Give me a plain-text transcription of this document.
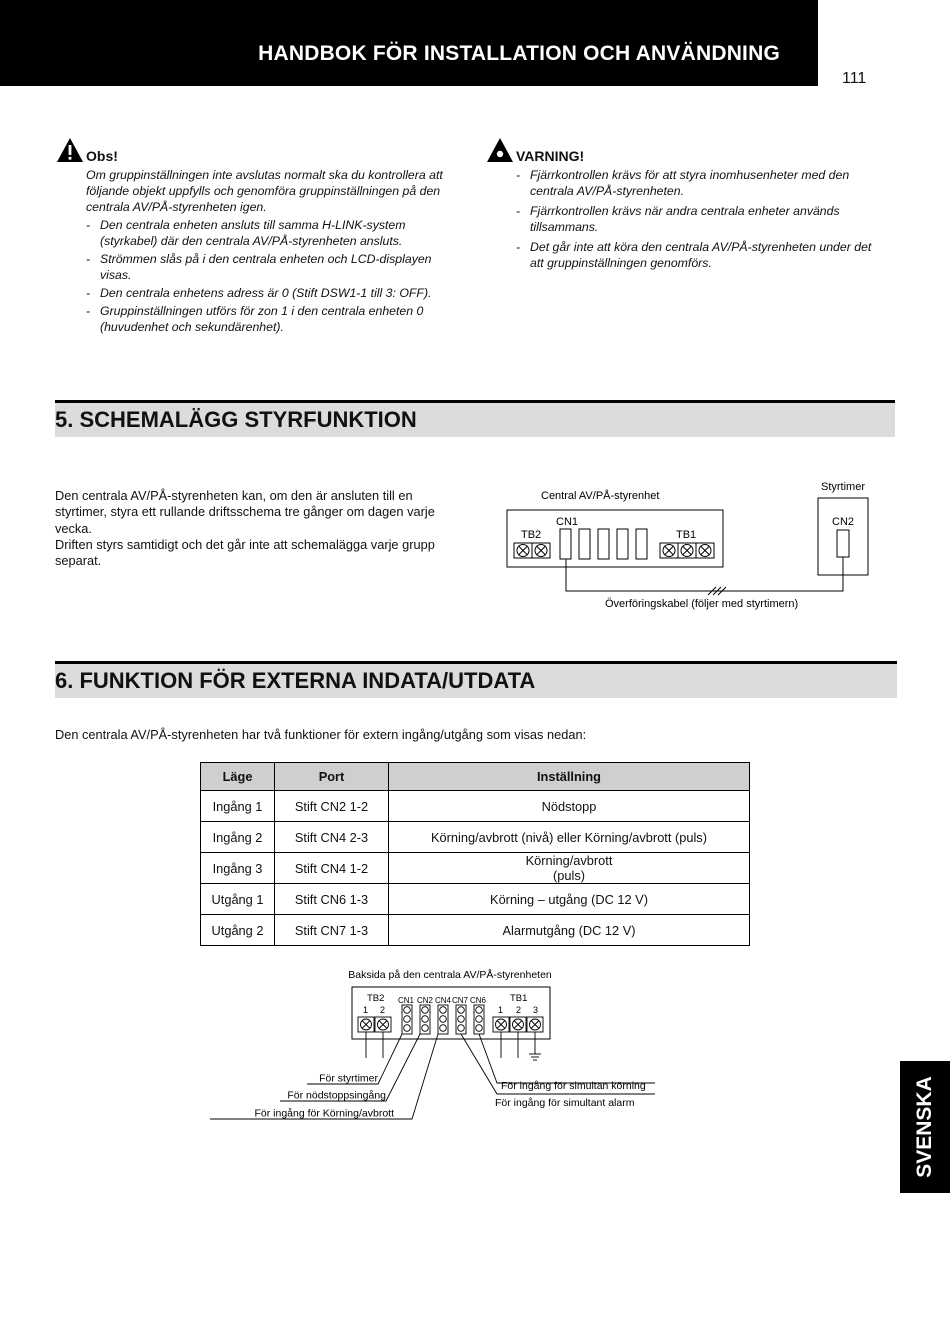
HANDBOK FÖR INSTALLATION OCH ANVÄNDNING
111
Obs!

Om gruppinställningen inte avslutas normalt ska du kontrollera att följande objekt uppfylls och genomföra gruppinställningen på den centrala AV/PÅ-styrenheten igen.

- Den centrala enheten ansluts till samma H-LINK-system (styrkabel) där den centrala AV/PÅ-styrenheten ansluts.
- Strömmen slås på i den centrala enheten och LCD-displayen visas.
- Den centrala enhetens adress är 0 (Stift DSW1-1 till 3: OFF).
- Gruppinställningen utförs för zon 1 i den centrala enheten 0 (huvudenhet och sekundärenhet).
VARNING!
- Fjärrkontrollen krävs för att styra inomhusenheter med den centrala AV/PÅ-styrenheten.
- Fjärrkontrollen krävs när andra centrala enheter används tillsammans.
- Det går inte att köra den centrala AV/PÅ-styrenheten under det att gruppinställningen genomförs.
5. SCHEMALÄGG STYRFUNKTION
Den centrala AV/PÅ-styrenheten kan, om den är ansluten till en styrtimer, styra ett rullande driftsschema tre gånger om dagen varje vecka.
Driften styrs samtidigt och det går inte att schemalägga varje grupp separat.
Central AV/PÅ-styrenhet
Styrtimer
TB2
CN1
TB1
CN2
Överföringskabel (följer med styrtimern)
6. FUNKTION FÖR EXTERNA INDATA/UTDATA
Den centrala AV/PÅ-styrenheten har två funktioner för extern ingång/utgång som visas nedan:
Läge	Port	Inställning
Ingång 1	Stift CN2 1-2	Nödstopp
Ingång 2	Stift CN4 2-3	Körning/avbrott (nivå) eller Körning/avbrott (puls)
Ingång 3	Stift CN4 1-2	Körning/avbrott
(puls)
Utgång 1	Stift CN6 1-3	Körning – utgång (DC 12 V)
Utgång 2	Stift CN7 1-3	Alarmutgång (DC 12 V)
Baksida på den centrala AV/PÅ-styrenheten
TB2	TB1
CN1 CN2 CN4 CN7 CN6
1 2	1 2 3
För styrtimer
För nödstoppsingång
För ingång för Körning/avbrott
För ingång för simultan körning
För ingång för simultant alarm	SVENSKA
